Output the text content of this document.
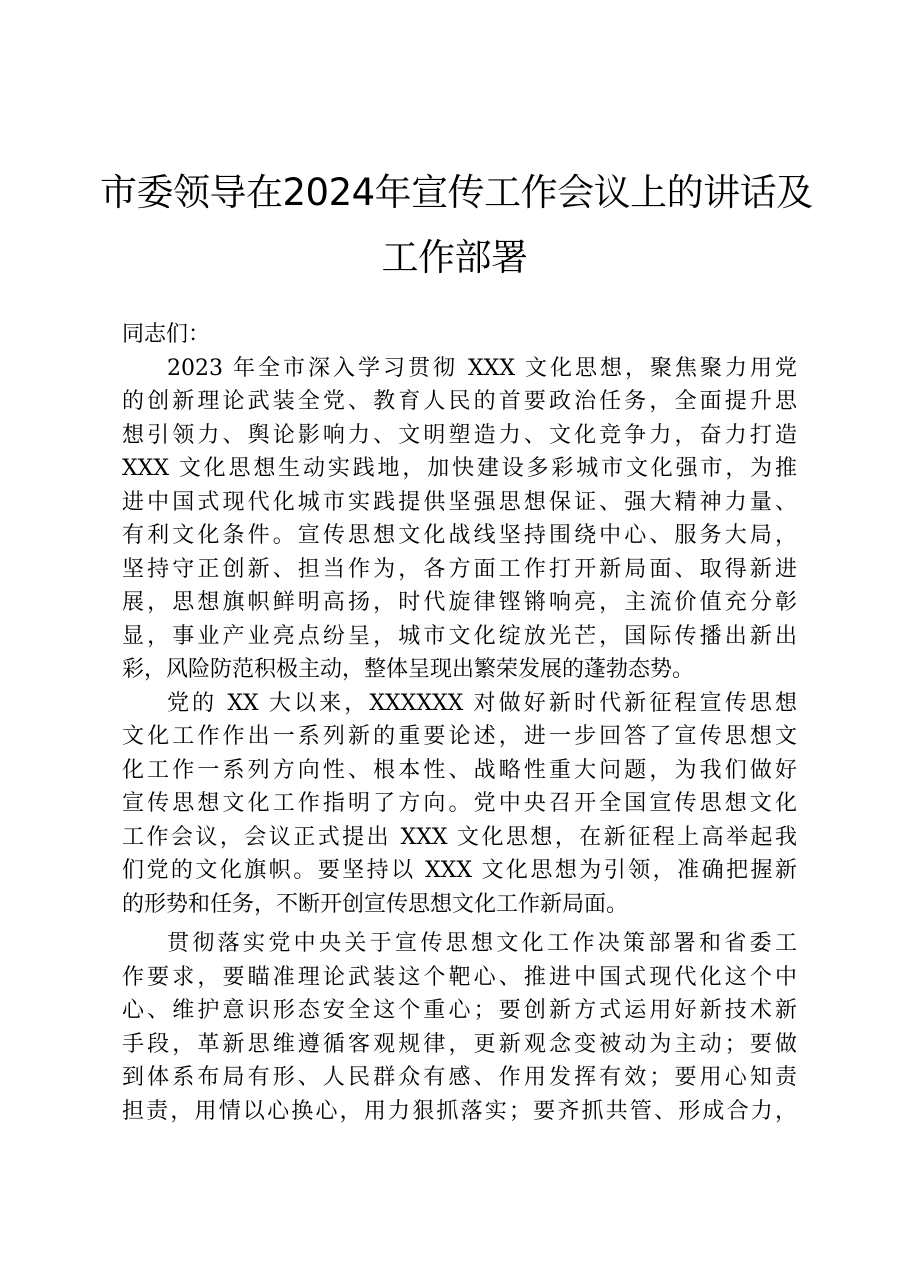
市委领导在2024年宣传工作会议上的讲话及
工作部署

同志们：

2023 年全市深入学习贯彻 XXX 文化思想，聚焦聚力用党
的创新理论武装全党、教育人民的首要政治任务，全面提升思
想引领力、舆论影响力、文明塑造力、文化竞争力，奋力打造
XXX 文化思想生动实践地，加快建设多彩城市文化强市，为推
进中国式现代化城市实践提供坚强思想保证、强大精神力量、
有利文化条件。宣传思想文化战线坚持围绕中心、服务大局，
坚持守正创新、担当作为，各方面工作打开新局面、取得新进
展，思想旗帜鲜明高扬，时代旋律铿锵响亮，主流价值充分彰
显，事业产业亮点纷呈，城市文化绽放光芒，国际传播出新出
彩，风险防范积极主动，整体呈现出繁荣发展的蓬勃态势。

党的 XX 大以来，XXXXXX 对做好新时代新征程宣传思想
文化工作作出一系列新的重要论述，进一步回答了宣传思想文
化工作一系列方向性、根本性、战略性重大问题，为我们做好
宣传思想文化工作指明了方向。党中央召开全国宣传思想文化
工作会议，会议正式提出 XXX 文化思想，在新征程上高举起我
们党的文化旗帜。要坚持以 XXX 文化思想为引领，准确把握新
的形势和任务，不断开创宣传思想文化工作新局面。

贯彻落实党中央关于宣传思想文化工作决策部署和省委工
作要求，要瞄准理论武装这个靶心、推进中国式现代化这个中
心、维护意识形态安全这个重心；要创新方式运用好新技术新
手段，革新思维遵循客观规律，更新观念变被动为主动；要做
到体系布局有形、人民群众有感、作用发挥有效；要用心知责
担责，用情以心换心，用力狠抓落实；要齐抓共管、形成合力，
